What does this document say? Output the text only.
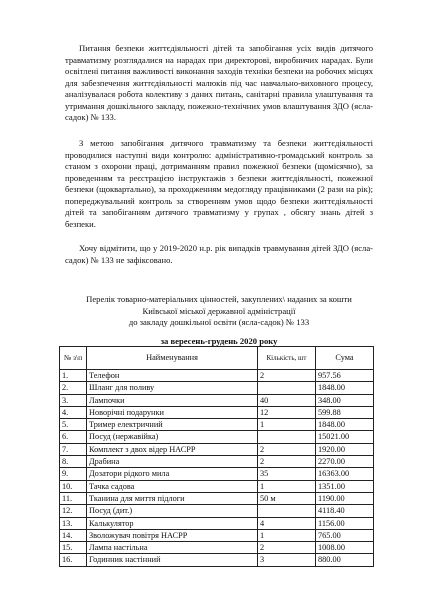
Питання безпеки життєдіяльності дітей та запобігання усіх видів дитячого травматизму розглядалися на нарадах при директорові, виробничих нарадах. Були освітлені питання важливості виконання заходів техніки безпеки на робочих місцях для забезпечення життєдіяльності малюків під час навчально-виховного процесу, аналізувалася робота колективу з даних питань, санітарні правила улаштування та утримання дошкільного закладу, пожежно-технічних умов влаштування ЗДО (ясла-садок) № 133.

З метою запобігання дитячого травматизму та безпеки життєдіяльності проводилися наступні види контролю: адміністративно-громадський контроль за станом з охорони праці, дотриманням правил пожежної безпеки (щомісячно), за проведенням та реєстрацією інструктажів з безпеки життєдіяльності, пожежної безпеки (щоквартально), за проходженням медогляду працівниками (2 рази на рік); попереджувальний контроль за створенням умов щодо безпеки життєдіяльності дітей та запобіганням дитячого травматизму у групах , обсягу знань дітей з безпеки.

Хочу відмітити, що у 2019-2020 н.р. рік випадків травмування дітей ЗДО (ясла-садок) № 133 не зафіксовано.

Перелік товарно-матеріальних цінностей, закуплених\ наданих за кошти

Київської міської державної адміністрації

до закладу дошкільної освіти (ясла-садок) № 133

за вересень-грудень 2020 року

№ з\п	Найменування	Кількість, шт	Сума
1.	Телефон	2	957.56
2.	Шланг для поливу		1848.00
3.	Лампочки	40	348.00
4.	Новорічні подарунки	12	599.88
5.	Тример електричний	1	1848.00
6.	Посуд (нержавійка)		15021.00
7.	Комплект з двох відер НАСРР	2	1920.00
8.	Драбина	2	2270.00
9.	Дозатори рідкого мила	35	16363.00
10.	Тачка садова	1	1351.00
11.	Тканина для миття підлоги	50 м	1190.00
12.	Посуд (дит.)		4118.40
13.	Калькулятор	4	1156.00
14.	Зволожувач повітря НАСРР	1	765.00
15.	Лампа настільна	2	1008.00
16.	Годинник настінний	3	880.00
